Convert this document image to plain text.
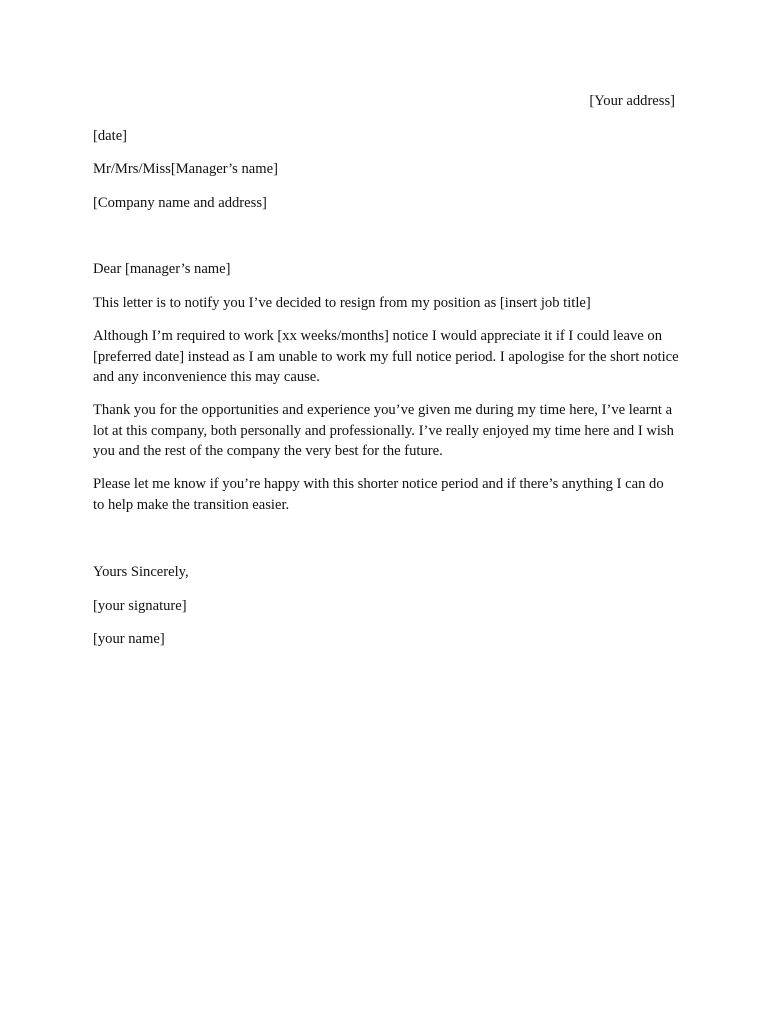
[Your address]
[date]
Mr/Mrs/Miss[Manager’s name]
[Company name and address]
Dear [manager’s name]
This letter is to notify you I’ve decided to resign from my position as [insert job title]
Although I’m required to work [xx weeks/months] notice I would appreciate it if I could leave on [preferred date] instead as I am unable to work my full notice period. I apologise for the short notice and any inconvenience this may cause.
Thank you for the opportunities and experience you’ve given me during my time here, I’ve learnt a lot at this company, both personally and professionally. I’ve really enjoyed my time here and I wish you and the rest of the company the very best for the future.
Please let me know if you’re happy with this shorter notice period and if there’s anything I can do to help make the transition easier.
Yours Sincerely,
[your signature]
[your name]
